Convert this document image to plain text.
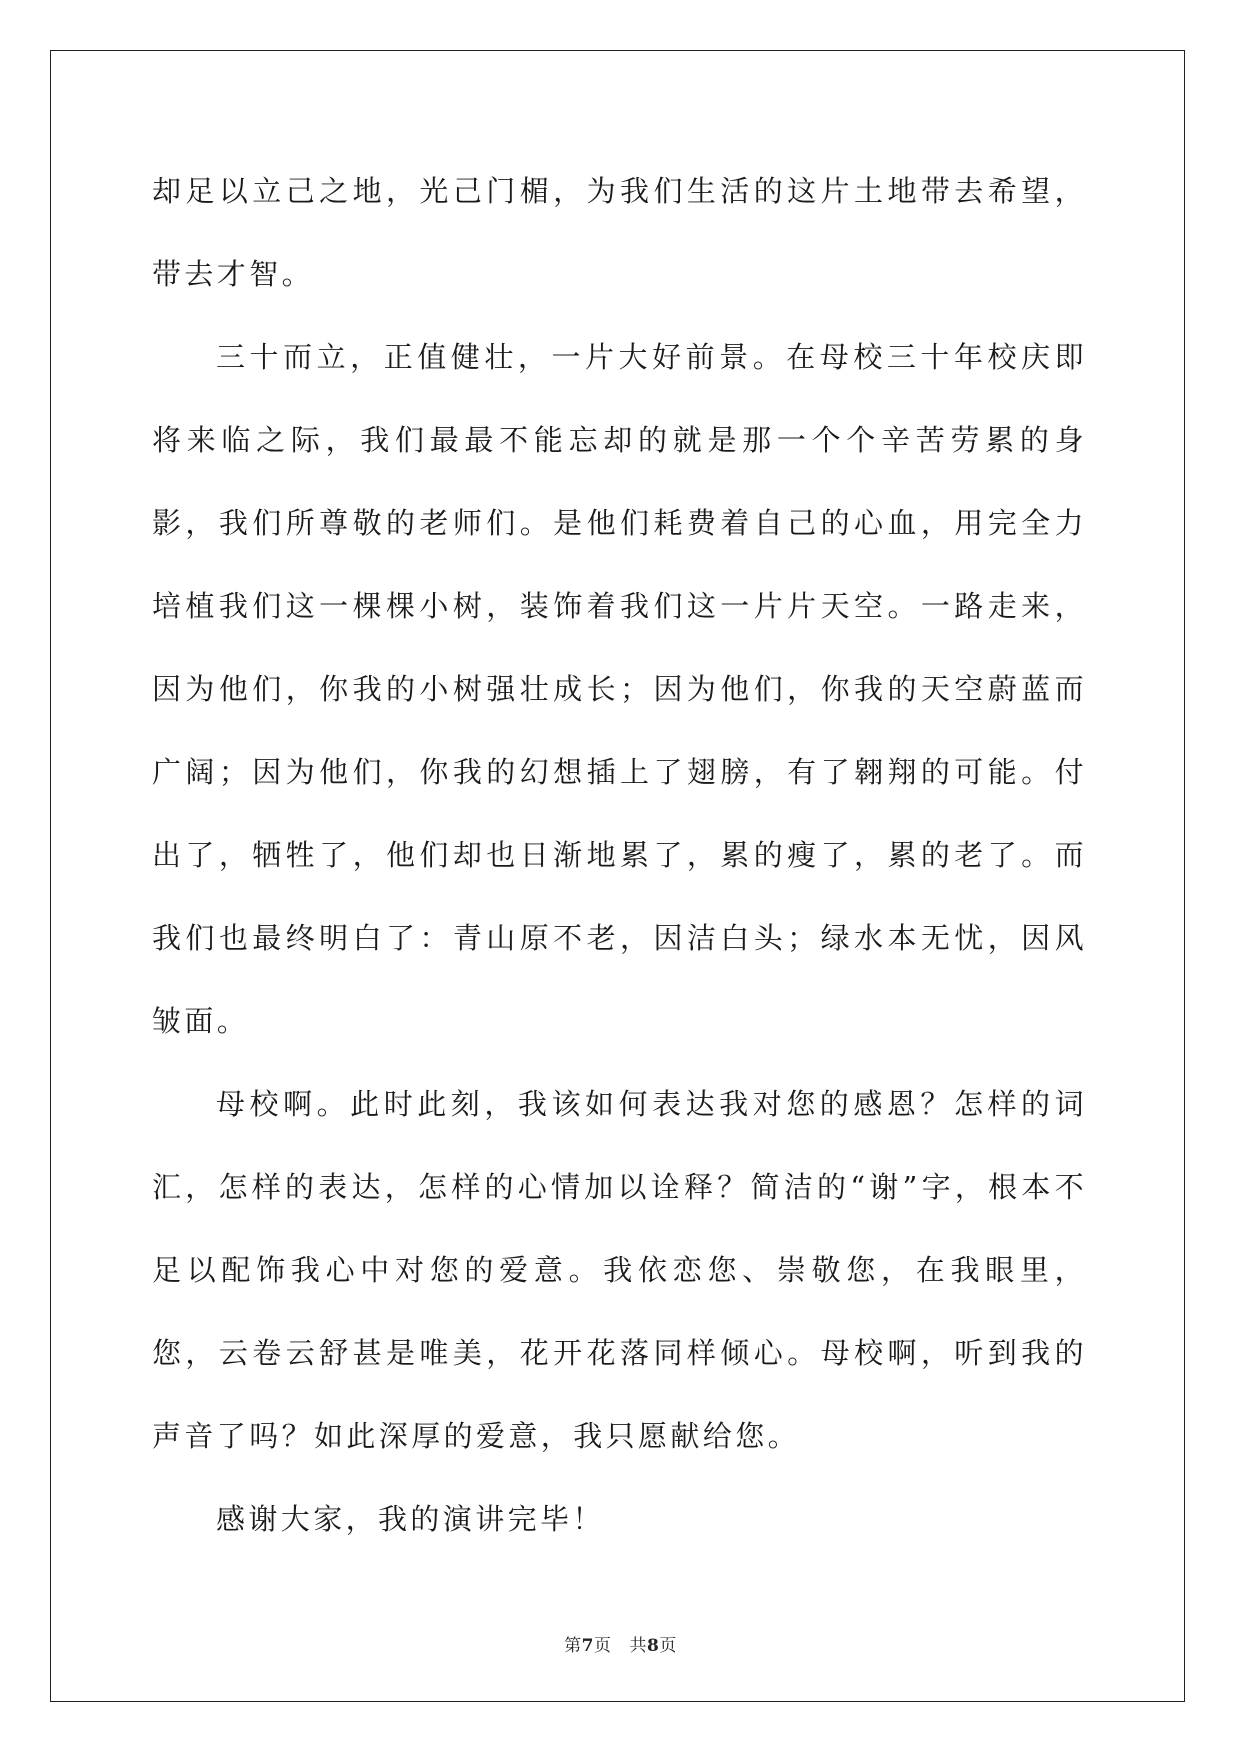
却足以立己之地，光己门楣，为我们生活的这片土地带去希望，带去才智。

三十而立，正值健壮，一片大好前景。在母校三十年校庆即将来临之际，我们最最不能忘却的就是那一个个辛苦劳累的身影，我们所尊敬的老师们。是他们耗费着自己的心血，用完全力培植我们这一棵棵小树，装饰着我们这一片片天空。一路走来，因为他们，你我的小树强壮成长；因为他们，你我的天空蔚蓝而广阔；因为他们，你我的幻想插上了翅膀，有了翱翔的可能。付出了，牺牲了，他们却也日渐地累了，累的瘦了，累的老了。而我们也最终明白了：青山原不老，因洁白头；绿水本无忧，因风皱面。

母校啊。此时此刻，我该如何表达我对您的感恩？怎样的词汇，怎样的表达，怎样的心情加以诠释？简洁的“谢”字，根本不足以配饰我心中对您的爱意。我依恋您、崇敬您，在我眼里，您，云卷云舒甚是唯美，花开花落同样倾心。母校啊，听到我的声音了吗？如此深厚的爱意，我只愿献给您。

感谢大家，我的演讲完毕！

第7页 共8页
